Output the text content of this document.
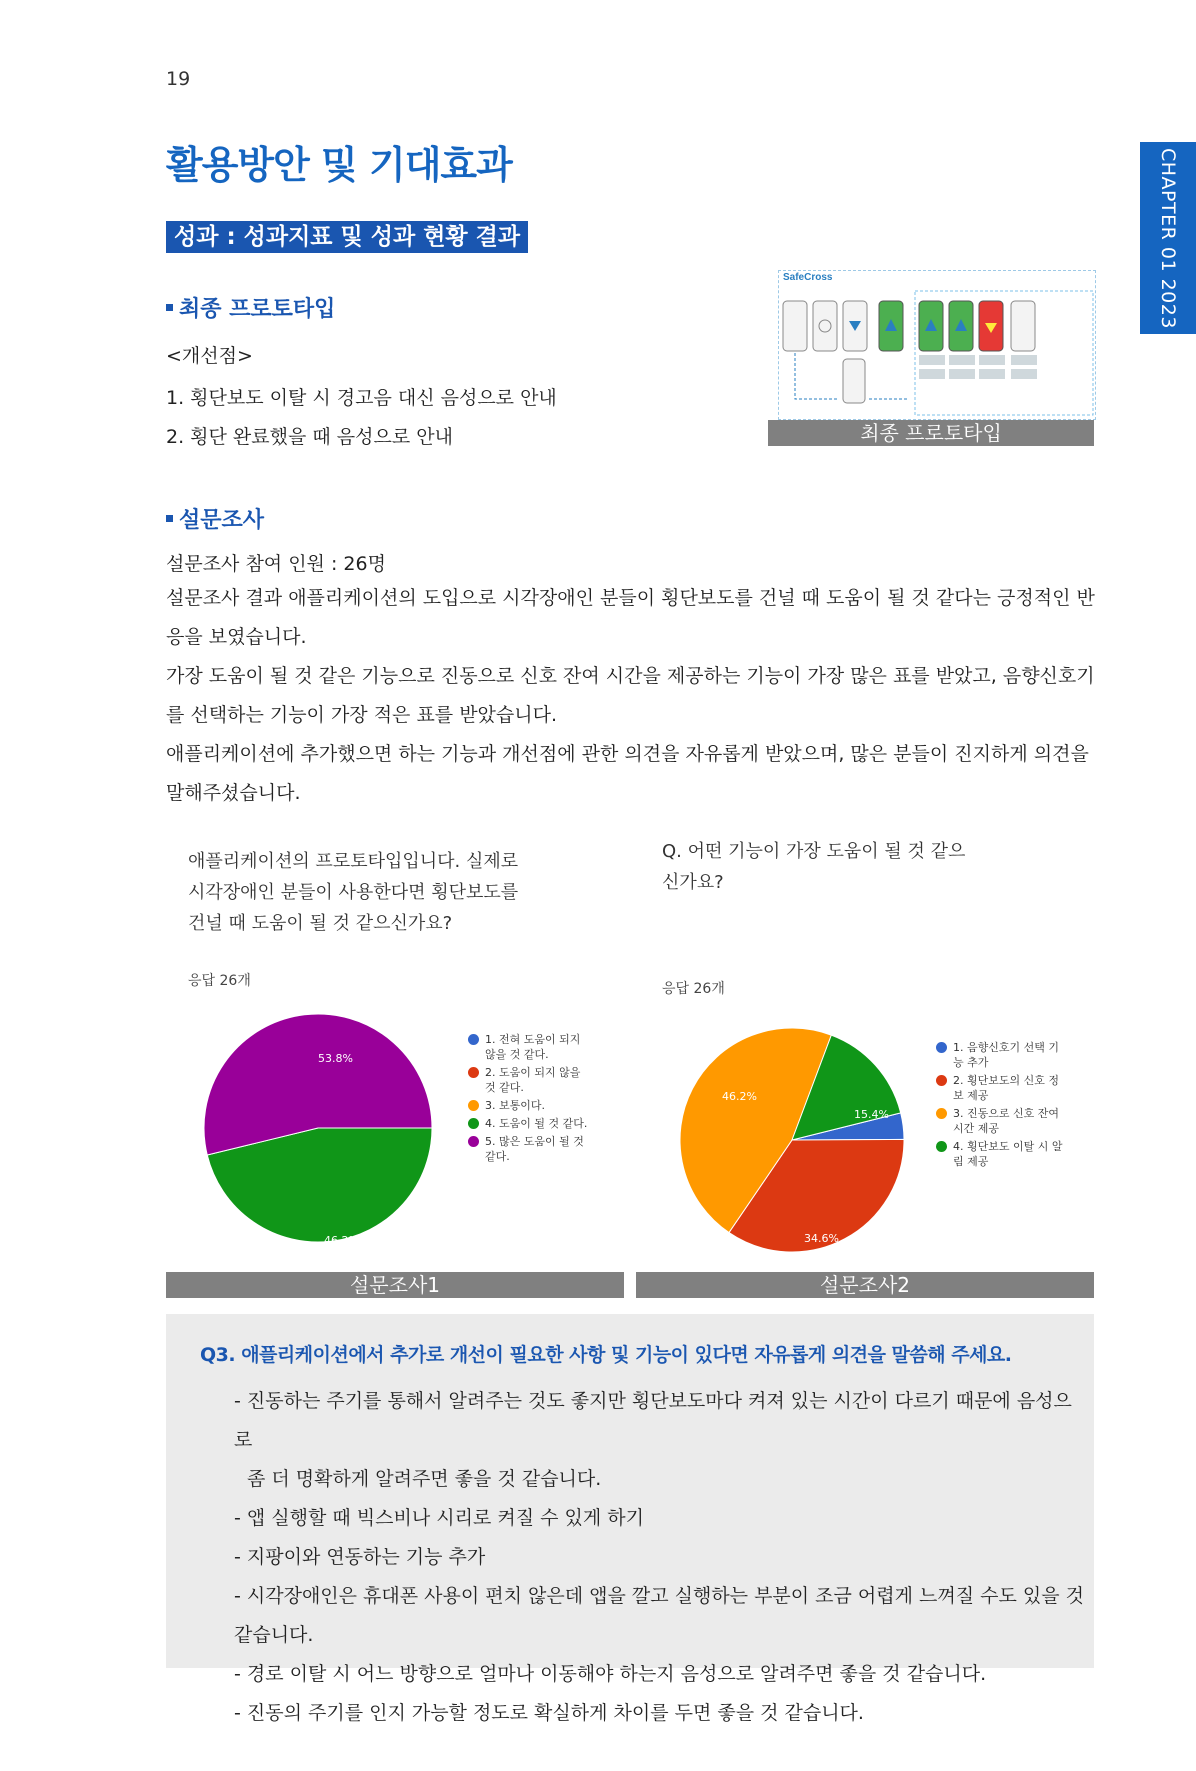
19
CHAPTER 01 2023
활용방안 및 기대효과
성과 : 성과지표 및 성과 현황 결과
최종 프로토타입
<개선점>
1. 횡단보도 이탈 시 경고음 대신 음성으로 안내
2. 횡단 완료했을 때 음성으로 안내
SafeCross
최종 프로토타입
설문조사
설문조사 참여 인원 : 26명
설문조사 결과 애플리케이션의 도입으로 시각장애인 분들이 횡단보도를 건널 때 도움이 될 것 같다는 긍정적인 반응을 보였습니다.
가장 도움이 될 것 같은 기능으로 진동으로 신호 잔여 시간을 제공하는 기능이 가장 많은 표를 받았고, 음향신호기를 선택하는 기능이 가장 적은 표를 받았습니다.
애플리케이션에 추가했으면 하는 기능과 개선점에 관한 의견을 자유롭게 받았으며, 많은 분들이 진지하게 의견을 말해주셨습니다.
애플리케이션의 프로토타입입니다. 실제로 시각장애인 분들이 사용한다면 횡단보도를 건널 때 도움이 될 것 같으신가요?
응답 26개
53.8%
46.2%
1. 전혀 도움이 되지 않을 것 같다.
2. 도움이 되지 않을 것 같다.
3. 보통이다.
4. 도움이 될 것 같다.
5. 많은 도움이 될 것 같다.
설문조사1
Q. 어떤 기능이 가장 도움이 될 것 같으신가요?
응답 26개
46.2%
15.4%
34.6%
1. 음향신호기 선택 기능 추가
2. 횡단보도의 신호 정보 제공
3. 진동으로 신호 잔여 시간 제공
4. 횡단보도 이탈 시 알림 제공
설문조사2
Q3. 애플리케이션에서 추가로 개선이 필요한 사항 및 기능이 있다면 자유롭게 의견을 말씀해 주세요.
- 진동하는 주기를 통해서 알려주는 것도 좋지만 횡단보도마다 켜져 있는 시간이 다르기 때문에 음성으로
좀 더 명확하게 알려주면 좋을 것 같습니다.
- 앱 실행할 때 빅스비나 시리로 켜질 수 있게 하기
- 지팡이와 연동하는 기능 추가
- 시각장애인은 휴대폰 사용이 편치 않은데 앱을 깔고 실행하는 부분이 조금 어렵게 느껴질 수도 있을 것 같습니다.
- 경로 이탈 시 어느 방향으로 얼마나 이동해야 하는지 음성으로 알려주면 좋을 것 같습니다.
- 진동의 주기를 인지 가능할 정도로 확실하게 차이를 두면 좋을 것 같습니다.
